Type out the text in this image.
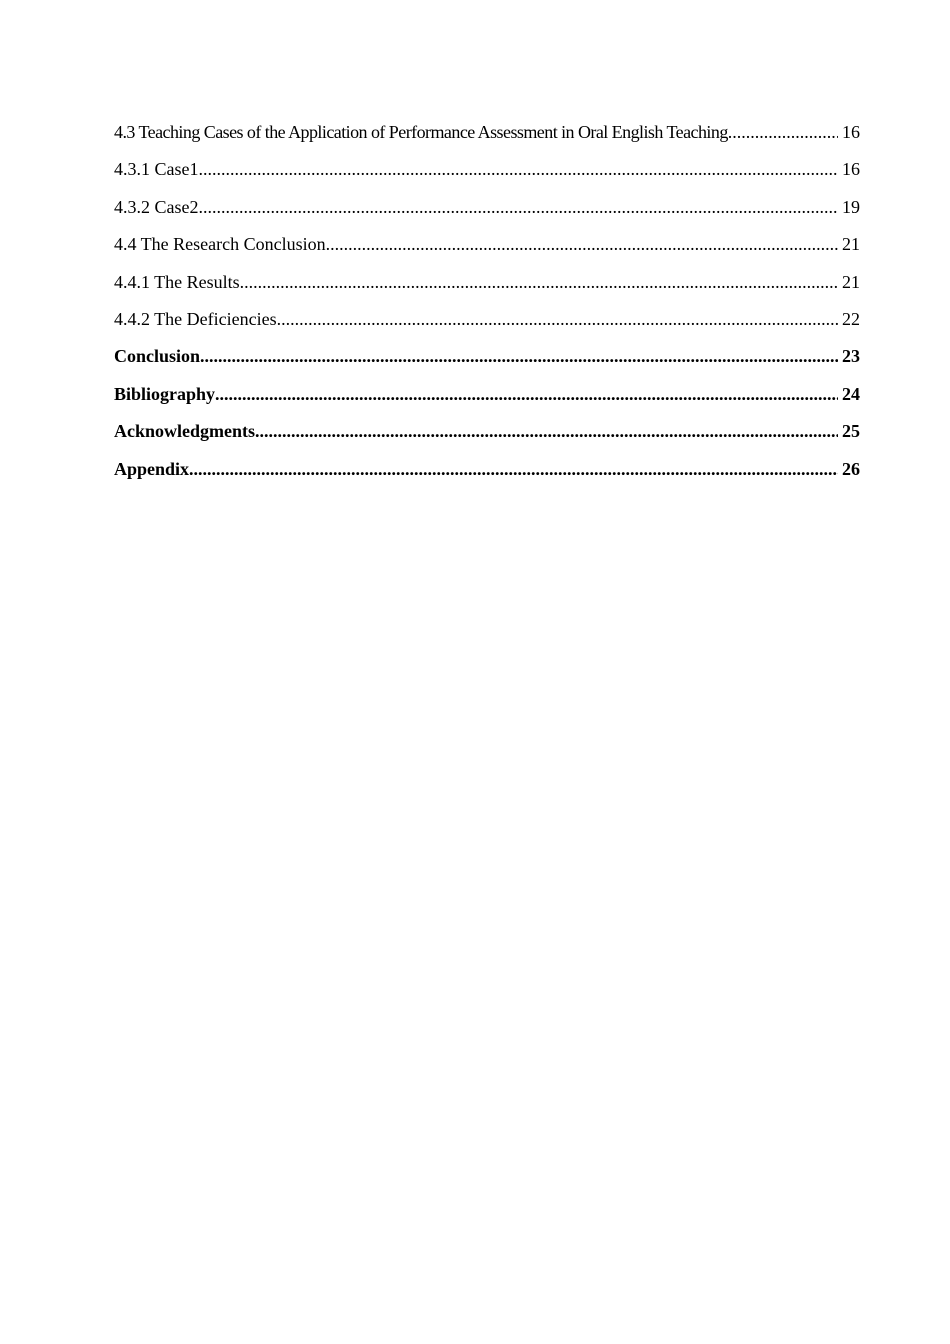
4.3 Teaching Cases of the Application of Performance Assessment in Oral English Teaching .....	16
4.3.1 Case1 .....	16
4.3.2 Case2 .....	19
4.4 The Research Conclusion .....	21
4.4.1 The Results .....	21
4.4.2 The Deficiencies .....	22
Conclusion .....	23
Bibliography .....	24
Acknowledgments .....	25
Appendix .....	26
